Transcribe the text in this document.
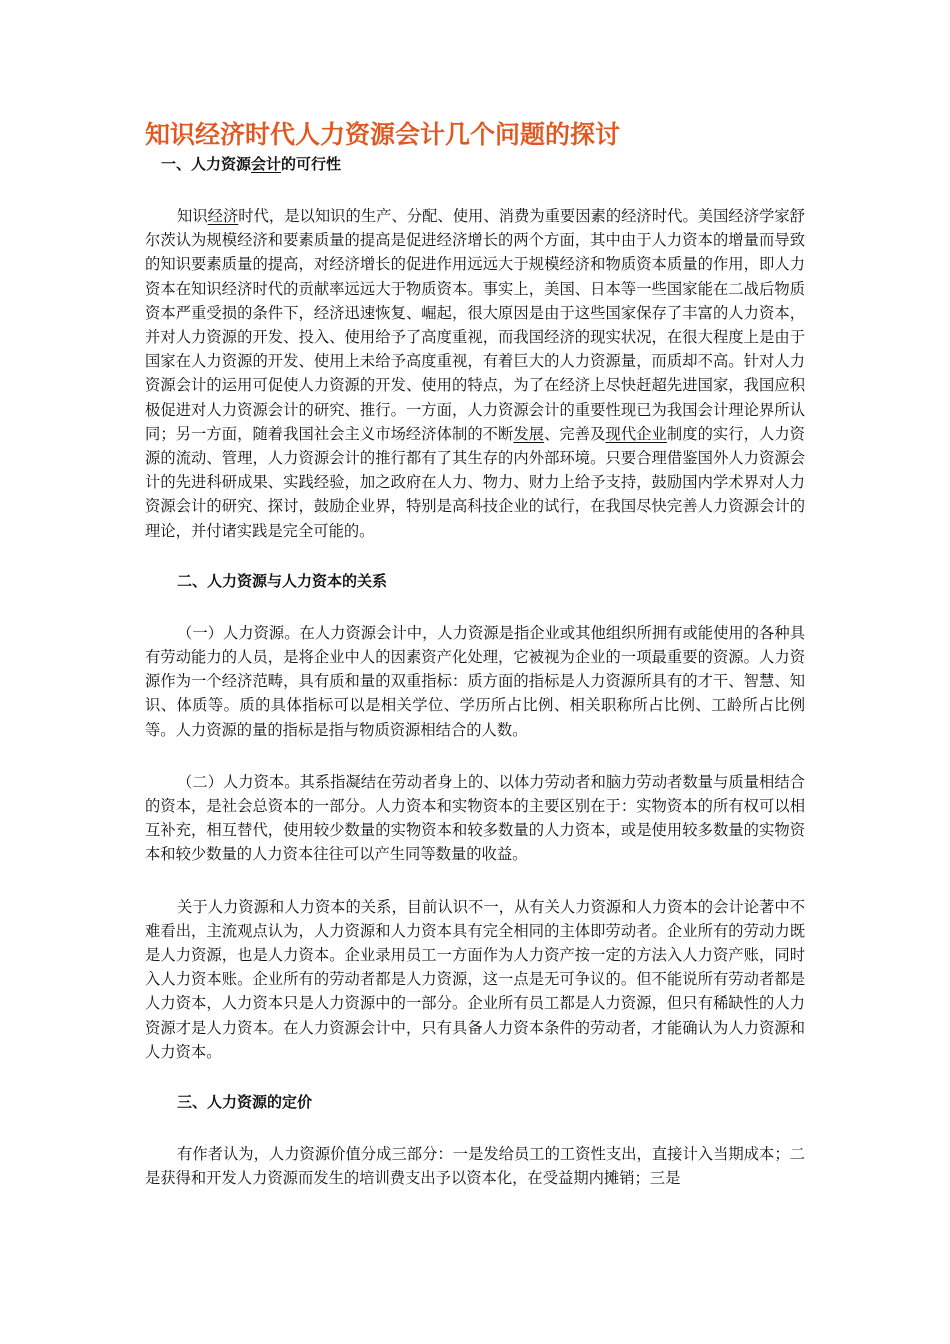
知识经济时代人力资源会计几个问题的探讨
一、人力资源会计的可行性

知识经济时代，是以知识的生产、分配、使用、消费为重要因素的经济时代。美国经济学家舒尔茨认为规模经济和要素质量的提高是促进经济增长的两个方面，其中由于人力资本的增量而导致的知识要素质量的提高，对经济增长的促进作用远远大于规模经济和物质资本质量的作用，即人力资本在知识经济时代的贡献率远远大于物质资本。事实上，美国、日本等一些国家能在二战后物质资本严重受损的条件下，经济迅速恢复、崛起，很大原因是由于这些国家保存了丰富的人力资本，并对人力资源的开发、投入、使用给予了高度重视，而我国经济的现实状况，在很大程度上是由于国家在人力资源的开发、使用上未给予高度重视，有着巨大的人力资源量，而质却不高。针对人力资源会计的运用可促使人力资源的开发、使用的特点，为了在经济上尽快赶超先进国家，我国应积极促进对人力资源会计的研究、推行。一方面，人力资源会计的重要性现已为我国会计理论界所认同；另一方面，随着我国社会主义市场经济体制的不断发展、完善及现代企业制度的实行，人力资源的流动、管理，人力资源会计的推行都有了其生存的内外部环境。只要合理借鉴国外人力资源会计的先进科研成果、实践经验，加之政府在人力、物力、财力上给予支持，鼓励国内学术界对人力资源会计的研究、探讨，鼓励企业界，特别是高科技企业的试行，在我国尽快完善人力资源会计的理论，并付诸实践是完全可能的。

二、人力资源与人力资本的关系

（一）人力资源。在人力资源会计中，人力资源是指企业或其他组织所拥有或能使用的各种具有劳动能力的人员，是将企业中人的因素资产化处理，它被视为企业的一项最重要的资源。人力资源作为一个经济范畴，具有质和量的双重指标：质方面的指标是人力资源所具有的才干、智慧、知识、体质等。质的具体指标可以是相关学位、学历所占比例、相关职称所占比例、工龄所占比例等。人力资源的量的指标是指与物质资源相结合的人数。

（二）人力资本。其系指凝结在劳动者身上的、以体力劳动者和脑力劳动者数量与质量相结合的资本，是社会总资本的一部分。人力资本和实物资本的主要区别在于：实物资本的所有权可以相互补充，相互替代，使用较少数量的实物资本和较多数量的人力资本，或是使用较多数量的实物资本和较少数量的人力资本往往可以产生同等数量的收益。

关于人力资源和人力资本的关系，目前认识不一，从有关人力资源和人力资本的会计论著中不难看出，主流观点认为，人力资源和人力资本具有完全相同的主体即劳动者。企业所有的劳动力既是人力资源，也是人力资本。企业录用员工一方面作为人力资产按一定的方法入人力资产账，同时入人力资本账。企业所有的劳动者都是人力资源，这一点是无可争议的。但不能说所有劳动者都是人力资本，人力资本只是人力资源中的一部分。企业所有员工都是人力资源，但只有稀缺性的人力资源才是人力资本。在人力资源会计中，只有具备人力资本条件的劳动者，才能确认为人力资源和人力资本。

三、人力资源的定价

有作者认为，人力资源价值分成三部分：一是发给员工的工资性支出，直接计入当期成本；二是获得和开发人力资源而发生的培训费支出予以资本化，在受益期内摊销；三是
